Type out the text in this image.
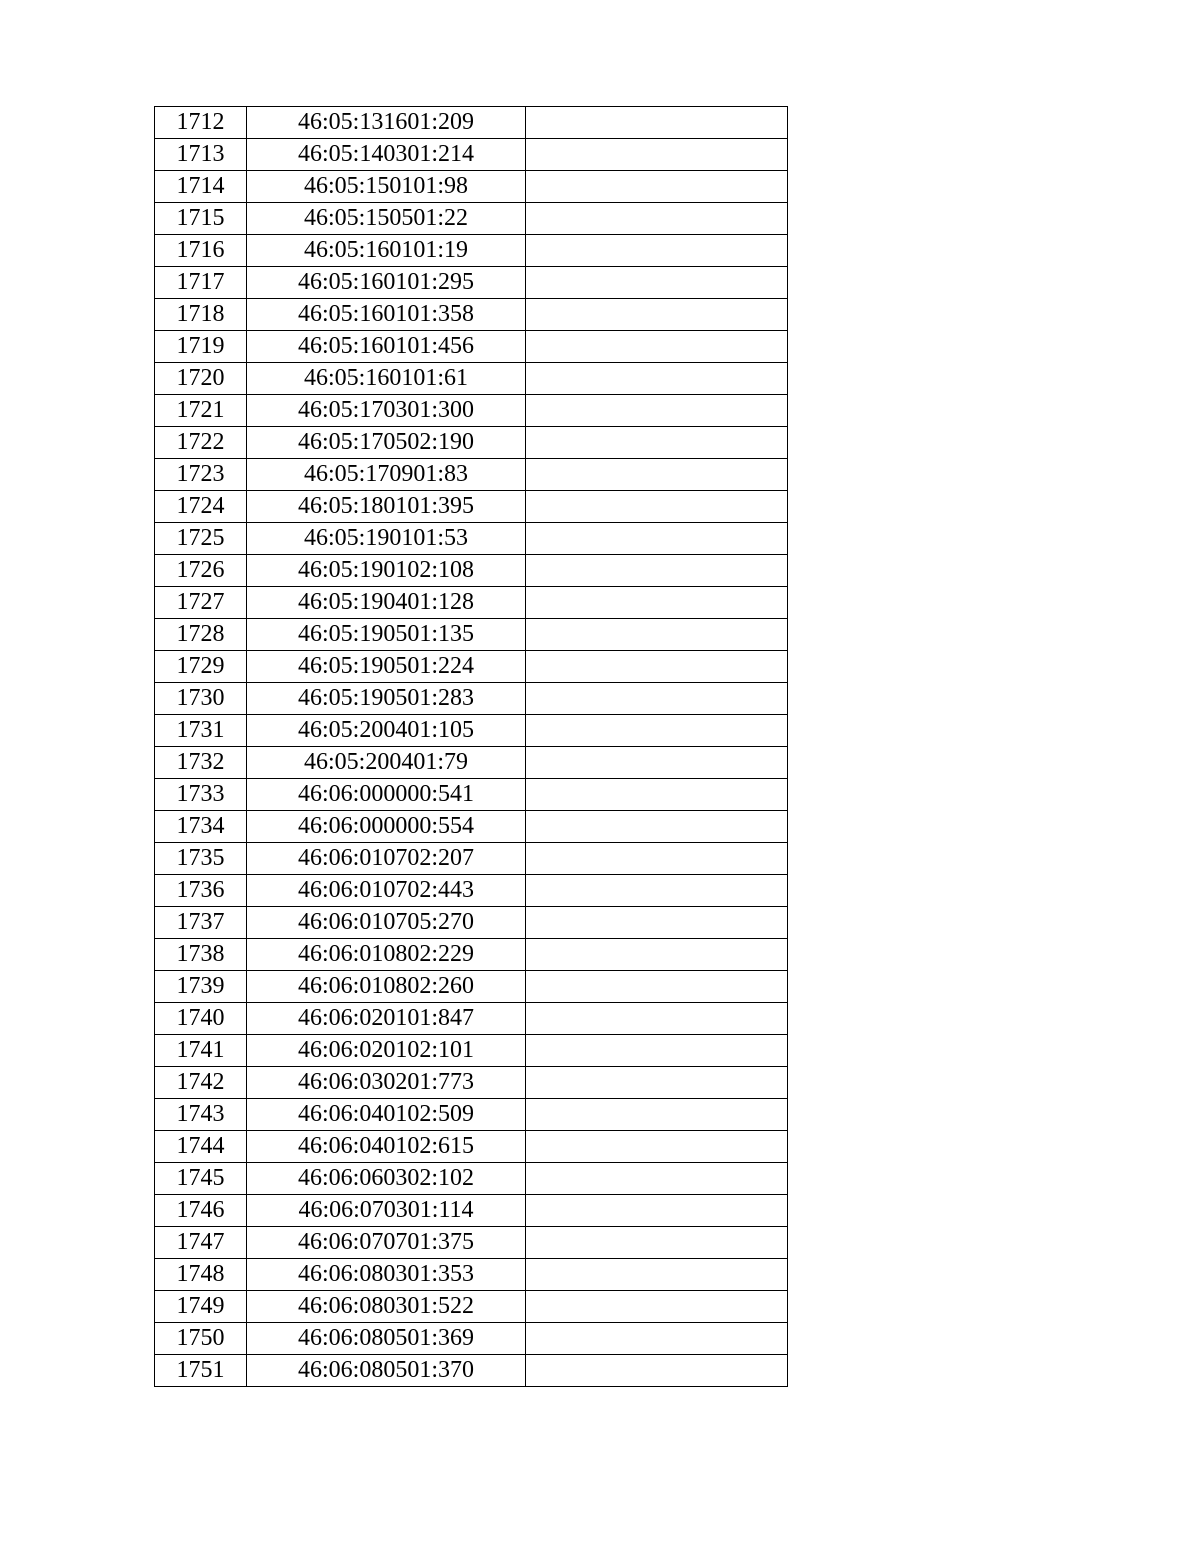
1712	46:05:131601:209	
1713	46:05:140301:214	
1714	46:05:150101:98	
1715	46:05:150501:22	
1716	46:05:160101:19	
1717	46:05:160101:295	
1718	46:05:160101:358	
1719	46:05:160101:456	
1720	46:05:160101:61	
1721	46:05:170301:300	
1722	46:05:170502:190	
1723	46:05:170901:83	
1724	46:05:180101:395	
1725	46:05:190101:53	
1726	46:05:190102:108	
1727	46:05:190401:128	
1728	46:05:190501:135	
1729	46:05:190501:224	
1730	46:05:190501:283	
1731	46:05:200401:105	
1732	46:05:200401:79	
1733	46:06:000000:541	
1734	46:06:000000:554	
1735	46:06:010702:207	
1736	46:06:010702:443	
1737	46:06:010705:270	
1738	46:06:010802:229	
1739	46:06:010802:260	
1740	46:06:020101:847	
1741	46:06:020102:101	
1742	46:06:030201:773	
1743	46:06:040102:509	
1744	46:06:040102:615	
1745	46:06:060302:102	
1746	46:06:070301:114	
1747	46:06:070701:375	
1748	46:06:080301:353	
1749	46:06:080301:522	
1750	46:06:080501:369	
1751	46:06:080501:370	
